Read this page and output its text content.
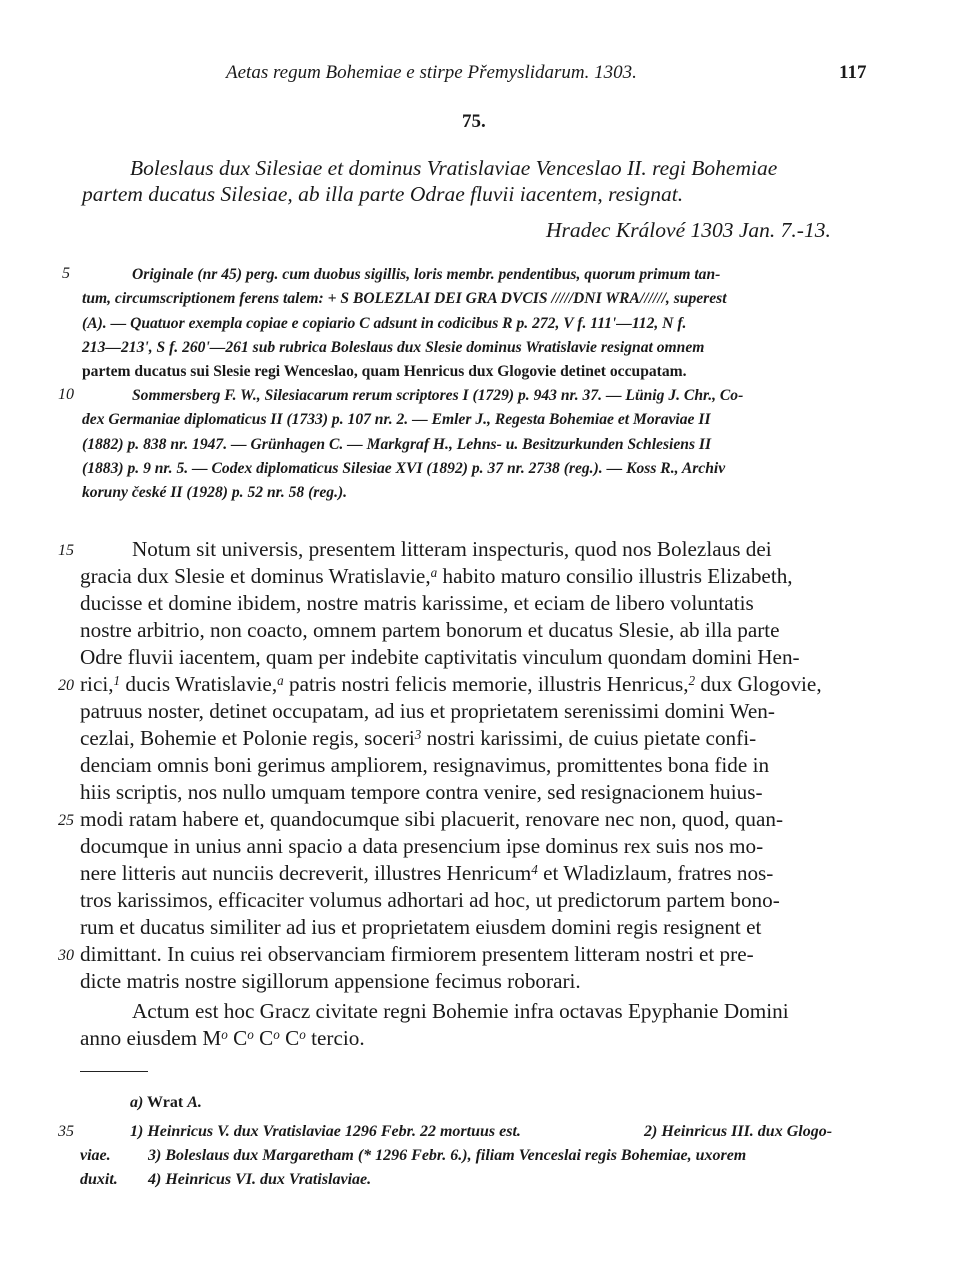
Aetas regum Bohemiae e stirpe Přemyslidarum. 1303.	117
75.
Boleslaus dux Silesiae et dominus Vratislaviae Venceslao II. regi Bohemiae
partem ducatus Silesiae, ab illa parte Odrae fluvii iacentem, resignat.
Hradec Králové 1303 Jan. 7.-13.
5	Originale (nr 45) perg. cum duobus sigillis, loris membr. pendentibus, quorum primum tan-
tum, circumscriptionem ferens talem: + S BOLEZLAI DEI GRA DVCIS /////DNI WRA//////, superest
(A). — Quatuor exempla copiae e copiario C adsunt in codicibus R p. 272, V f. 111'—112, N f.
213—213', S f. 260'—261 sub rubrica Boleslaus dux Slesie dominus Wratislavie resignat omnem
partem ducatus sui Slesie regi Wenceslao, quam Henricus dux Glogovie detinet occupatam.
10	Sommersberg F. W., Silesiacarum rerum scriptores I (1729) p. 943 nr. 37. — Lünig J. Chr., Co-
dex Germaniae diplomaticus II (1733) p. 107 nr. 2. — Emler J., Regesta Bohemiae et Moraviae II
(1882) p. 838 nr. 1947. — Grünhagen C. — Markgraf H., Lehns- u. Besitzurkunden Schlesiens II
(1883) p. 9 nr. 5. — Codex diplomaticus Silesiae XVI (1892) p. 37 nr. 2738 (reg.). — Koss R., Archiv
koruny české II (1928) p. 52 nr. 58 (reg.).
15	Notum sit universis, presentem litteram inspecturis, quod nos Bolezlaus dei
gracia dux Slesie et dominus Wratislavie,$^a$ habito maturo consilio illustris Elizabeth,
ducisse et domine ibidem, nostre matris karissime, et eciam de libero voluntatis
nostre arbitrio, non coacto, omnem partem bonorum et ducatus Slesie, ab illa parte
Odre fluvii iacentem, quam per indebite captivitatis vinculum quondam domini Hen-
20 rici,$^1$ ducis Wratislavie,$^a$ patris nostri felicis memorie, illustris Henricus,$^2$ dux Glogovie,
patruus noster, detinet occupatam, ad ius et proprietatem serenissimi domini Wen-
cezlai, Bohemie et Polonie regis, soceri$^3$ nostri karissimi, de cuius pietate confi-
denciam omnis boni gerimus ampliorem, resignavimus, promittentes bona fide in
hiis scriptis, nos nullo umquam tempore contra venire, sed resignacionem huius-
25 modi ratam habere et, quandocumque sibi placuerit, renovare nec non, quod, quan-
documque in unius anni spacio a data presencium ipse dominus rex suis nos mo-
nere litteris aut nunciis decreverit, illustres Henricum$^4$ et Wladizlaum, fratres nos-
tros karissimos, efficaciter volumus adhortari ad hoc, ut predictorum partem bono-
rum et ducatus similiter ad ius et proprietatem eiusdem domini regis resignent et
30 dimittant. In cuius rei observanciam firmiorem presentem litteram nostri et pre-
dicte matris nostre sigillorum appensione fecimus roborari.
Actum est hoc Gracz civitate regni Bohemie infra octavas Epyphanie Domini
anno eiusdem $M^o$ $C^o$ $C^o$ $C^o$ tercio.
a) Wrat A.
35	1) Heinricus V. dux Vratislaviae 1296 Febr. 22 mortuus est.	2) Heinricus III. dux Glogo-
viae. 3) Boleslaus dux Margaretham (* 1296 Febr. 6.), filiam Venceslai regis Bohemiae, uxorem
duxit. 4) Heinricus VI. dux Vratislaviae.
